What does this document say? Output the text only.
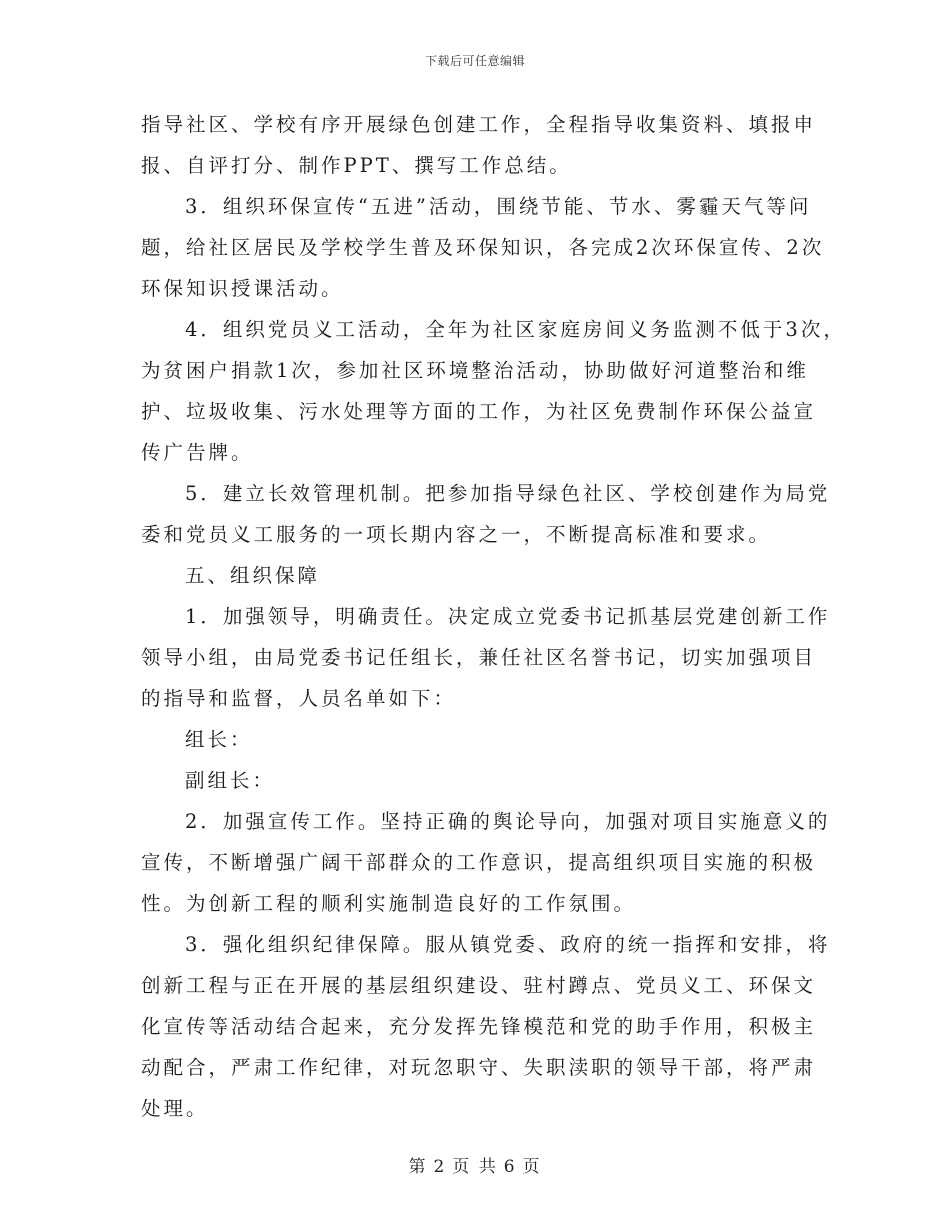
下载后可任意编辑
指导社区、学校有序开展绿色创建工作，全程指导收集资料、填报申
报、自评打分、制作PPT、撰写工作总结。
3．组织环保宣传“五进”活动，围绕节能、节水、雾霾天气等问
题，给社区居民及学校学生普及环保知识，各完成2次环保宣传、2次
环保知识授课活动。
4．组织党员义工活动，全年为社区家庭房间义务监测不低于3次，
为贫困户捐款1次，参加社区环境整治活动，协助做好河道整治和维
护、垃圾收集、污水处理等方面的工作，为社区免费制作环保公益宣
传广告牌。
5．建立长效管理机制。把参加指导绿色社区、学校创建作为局党
委和党员义工服务的一项长期内容之一，不断提高标准和要求。
五、组织保障
1．加强领导，明确责任。决定成立党委书记抓基层党建创新工作
领导小组，由局党委书记任组长，兼任社区名誉书记，切实加强项目
的指导和监督，人员名单如下：
组长：
副组长：
2．加强宣传工作。坚持正确的舆论导向，加强对项目实施意义的
宣传，不断增强广阔干部群众的工作意识，提高组织项目实施的积极
性。为创新工程的顺利实施制造良好的工作氛围。
3．强化组织纪律保障。服从镇党委、政府的统一指挥和安排，将
创新工程与正在开展的基层组织建设、驻村蹲点、党员义工、环保文
化宣传等活动结合起来，充分发挥先锋模范和党的助手作用，积极主
动配合，严肃工作纪律，对玩忽职守、失职渎职的领导干部，将严肃
处理。
第 2 页 共 6 页
